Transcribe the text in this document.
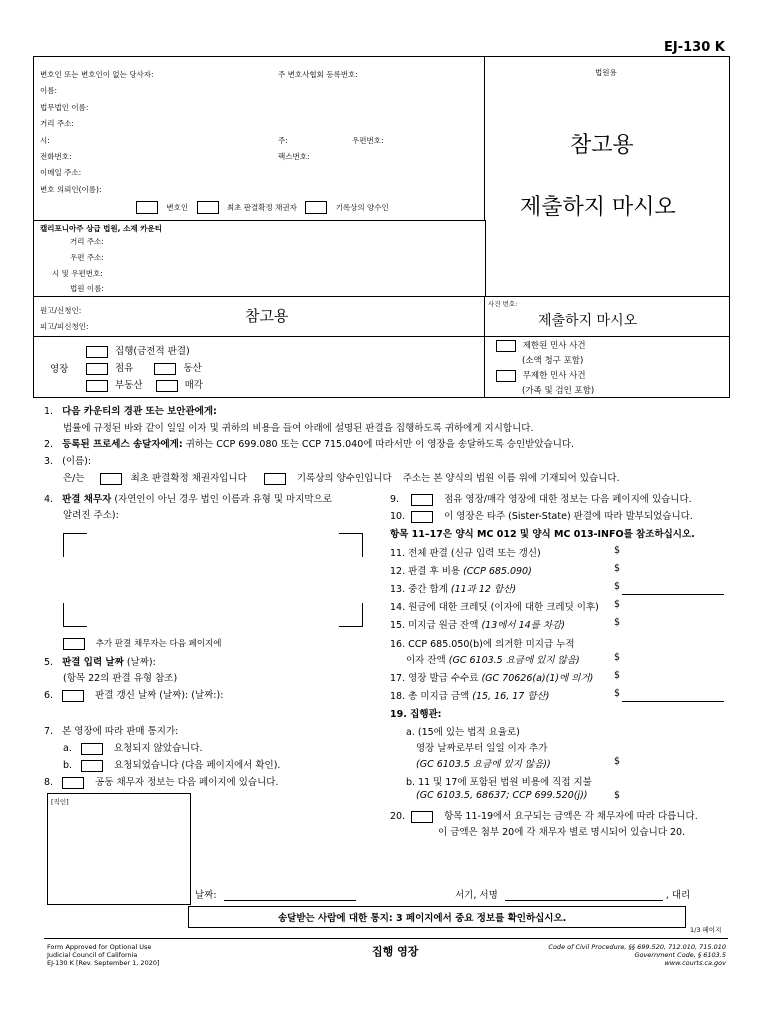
EJ-130 K
변호인 또는 변호인이 없는 당사자:	주 변호사협회 등록번호:	법원용
이름:
법무법인 이름:
거리 주소:
시:	주:	우편번호:
전화번호:	팩스번호:
이메일 주소:
변호 의뢰인(이름):
변호인	최초 판결확정 채권자	기록상의 양수인
참고용
제출하지 마시오
캘리포니아주 상급 법원, 소재 카운티
거리 주소:
우편 주소:
시 및 우편번호:
법원 이름:
원고/신청인:
피고/피신청인:
참고용
사건 번호:
제출하지 마시오
영장
집행(금전적 판결)
점유	동산
부동산	매각
제한된 민사 사건
(소액 청구 포함)
무제한 민사 사건
(가족 및 검인 포함)
1. 다음 카운티의 경관 또는 보안관에게:
법률에 규정된 바와 같이 일일 이자 및 귀하의 비용을 들여 아래에 설명된 판결을 집행하도록 귀하에게 지시합니다.
2. 등록된 프로세스 송달자에게: 귀하는 CCP 699.080 또는 CCP 715.040에 따라서만 이 영장을 송달하도록 승인받았습니다.
3. (이름):
은/는	최초 판결확정 채권자입니다	기록상의 양수인입니다 주소는 본 양식의 법원 이름 위에 기재되어 있습니다.
4. 판결 채무자 (자연인이 아닌 경우 법인 이름과 유형 및 마지막으로
알려진 주소):
추가 판결 채무자는 다음 페이지에
5. 판결 입력 날짜 (날짜):
(항목 22의 판결 유형 참조)
6.	판결 갱신 날짜 (날짜): (날짜:):
7. 본 영장에 따라 판매 통지가:
a.	요청되지 않았습니다.
b.	요청되었습니다 (다음 페이지에서 확인).
8.	공동 채무자 정보는 다음 페이지에 있습니다.
[직인]
9.	점유 영장/매각 영장에 대한 정보는 다음 페이지에 있습니다.
10.	이 영장은 타주 (Sister-State) 판결에 따라 발부되었습니다.
항목 11–17은 양식 MC 012 및 양식 MC 013-INFO를 참조하십시오.
11. 전체 판결 (신규 입력 또는 갱신)	$
12. 판결 후 비용 (CCP 685.090)	$
13. 중간 합계 (11과 12 합산)	$
14. 원금에 대한 크레딧 (이자에 대한 크레딧 이후) $
15. 미지급 원금 잔액 (13에서 14를 차감)	$
16. CCP 685.050(b)에 의거한 미지급 누적
이자 잔액 (GC 6103.5 요금에 있지 않음)	$
17. 영장 발급 수수료 (GC 70626(a)(1)에 의거) $
18. 총 미지급 금액 (15, 16, 17 합산)	$
19. 집행관:
a. (15에 있는 법적 요율로)
영장 날짜로부터 일일 이자 추가
(GC 6103.5 요금에 있지 않음))	$
b. 11 및 17에 포함된 법원 비용에 직접 지불
(GC 6103.5, 68637; CCP 699.520(j))	$
20.	항목 11-19에서 요구되는 금액은 각 채무자에 따라 다릅니다.
이 금액은 첨부 20에 각 채무자 별로 명시되어 있습니다 20.
날짜:	서기, 서명	, 대리
송달받는 사람에 대한 통지: 3 페이지에서 중요 정보를 확인하십시오.
1/3 페이지
Form Approved for Optional Use
Judicial Council of California
EJ-130 K [Rev. September 1, 2020]
집행 영장	Code of Civil Procedure, §§ 699.520, 712.010, 715.010
Government Code, § 6103.5
www.courts.ca.gov
